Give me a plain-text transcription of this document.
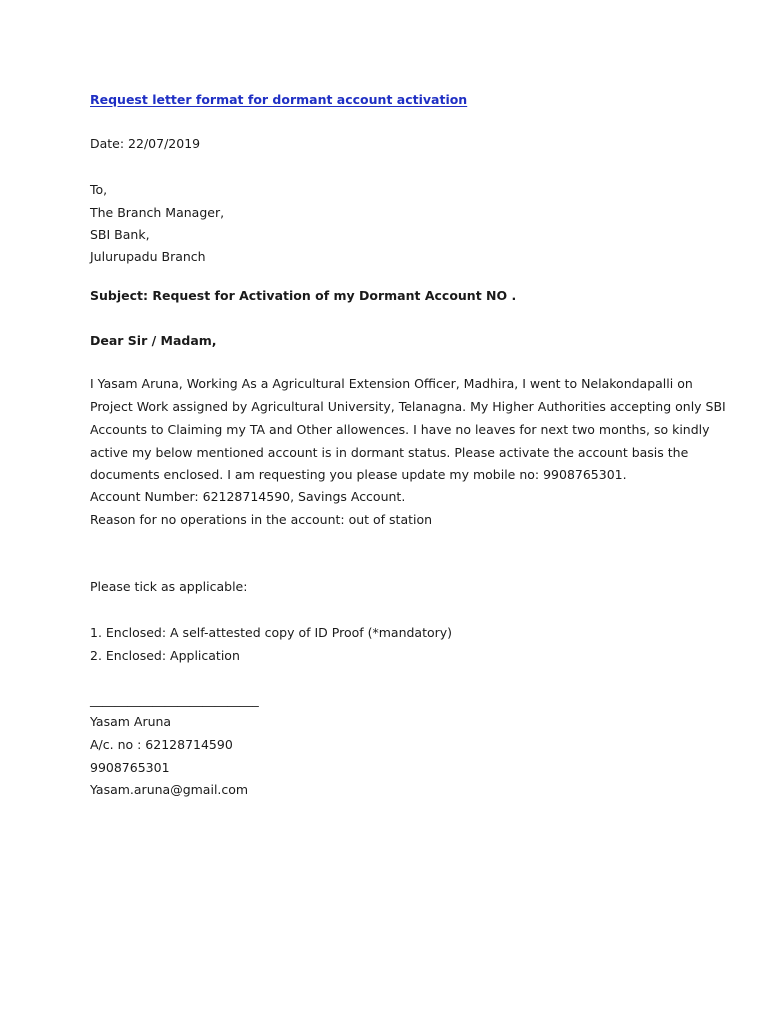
Request letter format for dormant account activation
Date: 22/07/2019
To,
The Branch Manager,
SBI Bank,
Julurupadu Branch
Subject: Request for Activation of my Dormant Account NO .
Dear Sir / Madam,
I Yasam Aruna, Working As a Agricultural Extension Officer, Madhira, I went to Nelakondapalli on
Project Work assigned by Agricultural University, Telanagna. My Higher Authorities accepting only SBI
Accounts to Claiming my TA and Other allowences. I have no leaves for next two months, so kindly
active my below mentioned account is in dormant status. Please activate the account basis the
documents enclosed. I am requesting you please update my mobile no: 9908765301.
Account Number: 62128714590, Savings Account.
Reason for no operations in the account: out of station
Please tick as applicable:
1. Enclosed: A self-attested copy of ID Proof (*mandatory)
2. Enclosed: Application
___________________________
Yasam Aruna
A/c. no : 62128714590
9908765301
Yasam.aruna@gmail.com
